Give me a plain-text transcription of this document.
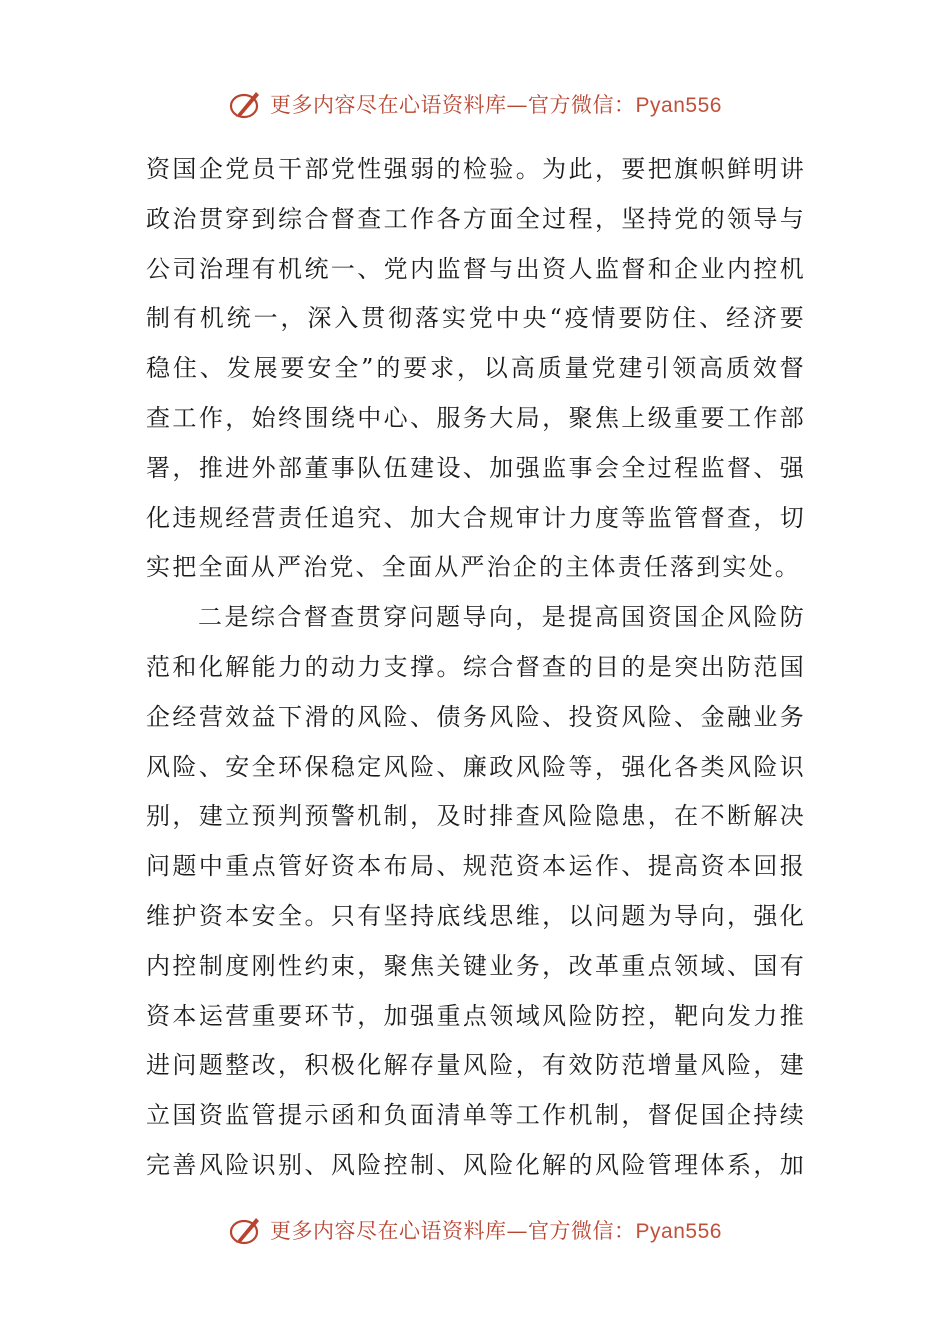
更多内容尽在心语资料库—官方微信：Pyan556
资国企党员干部党性强弱的检验。为此，要把旗帜鲜明讲
政治贯穿到综合督查工作各方面全过程，坚持党的领导与
公司治理有机统一、党内监督与出资人监督和企业内控机
制有机统一，深入贯彻落实党中央“疫情要防住、经济要
稳住、发展要安全”的要求，以高质量党建引领高质效督
查工作，始终围绕中心、服务大局，聚焦上级重要工作部
署，推进外部董事队伍建设、加强监事会全过程监督、强
化违规经营责任追究、加大合规审计力度等监管督查，切
实把全面从严治党、全面从严治企的主体责任落到实处。
二是综合督查贯穿问题导向，是提高国资国企风险防
范和化解能力的动力支撑。综合督查的目的是突出防范国
企经营效益下滑的风险、债务风险、投资风险、金融业务
风险、安全环保稳定风险、廉政风险等，强化各类风险识
别，建立预判预警机制，及时排查风险隐患，在不断解决
问题中重点管好资本布局、规范资本运作、提高资本回报
维护资本安全。只有坚持底线思维，以问题为导向，强化
内控制度刚性约束，聚焦关键业务，改革重点领域、国有
资本运营重要环节，加强重点领域风险防控，靶向发力推
进问题整改，积极化解存量风险，有效防范增量风险，建
立国资监管提示函和负面清单等工作机制，督促国企持续
完善风险识别、风险控制、风险化解的风险管理体系，加
更多内容尽在心语资料库—官方微信：Pyan556
